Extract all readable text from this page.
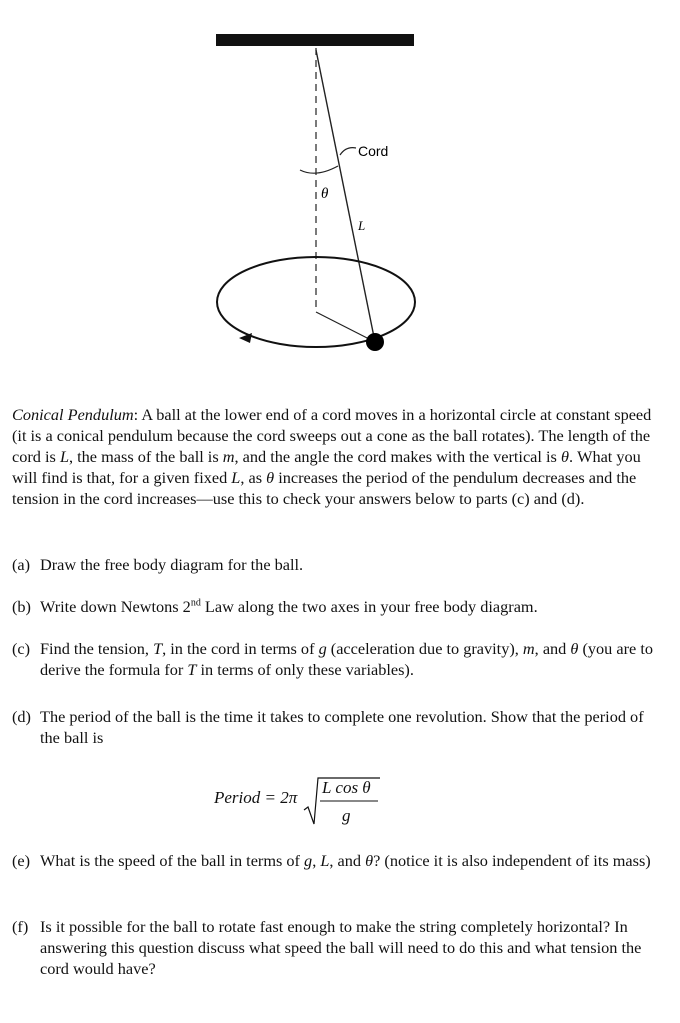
Cord
θ
L
Conical Pendulum: A ball at the lower end of a cord moves in a horizontal circle at constant speed (it is a conical pendulum because the cord sweeps out a cone as the ball rotates). The length of the cord is L, the mass of the ball is m, and the angle the cord makes with the vertical is θ. What you will find is that, for a given fixed L, as θ increases the period of the pendulum decreases and the tension in the cord increases—use this to check your answers below to parts (c) and (d).
(a) Draw the free body diagram for the ball.
(b) Write down Newtons 2nd Law along the two axes in your free body diagram.
(c) Find the tension, T, in the cord in terms of g (acceleration due to gravity), m, and θ (you are to derive the formula for T in terms of only these variables).
(d) The period of the ball is the time it takes to complete one revolution. Show that the period of the ball is
Period = 2π
L cos θ
g
(e) What is the speed of the ball in terms of g, L, and θ? (notice it is also independent of its mass)
(f) Is it possible for the ball to rotate fast enough to make the string completely horizontal? In answering this question discuss what speed the ball will need to do this and what tension the cord would have?
